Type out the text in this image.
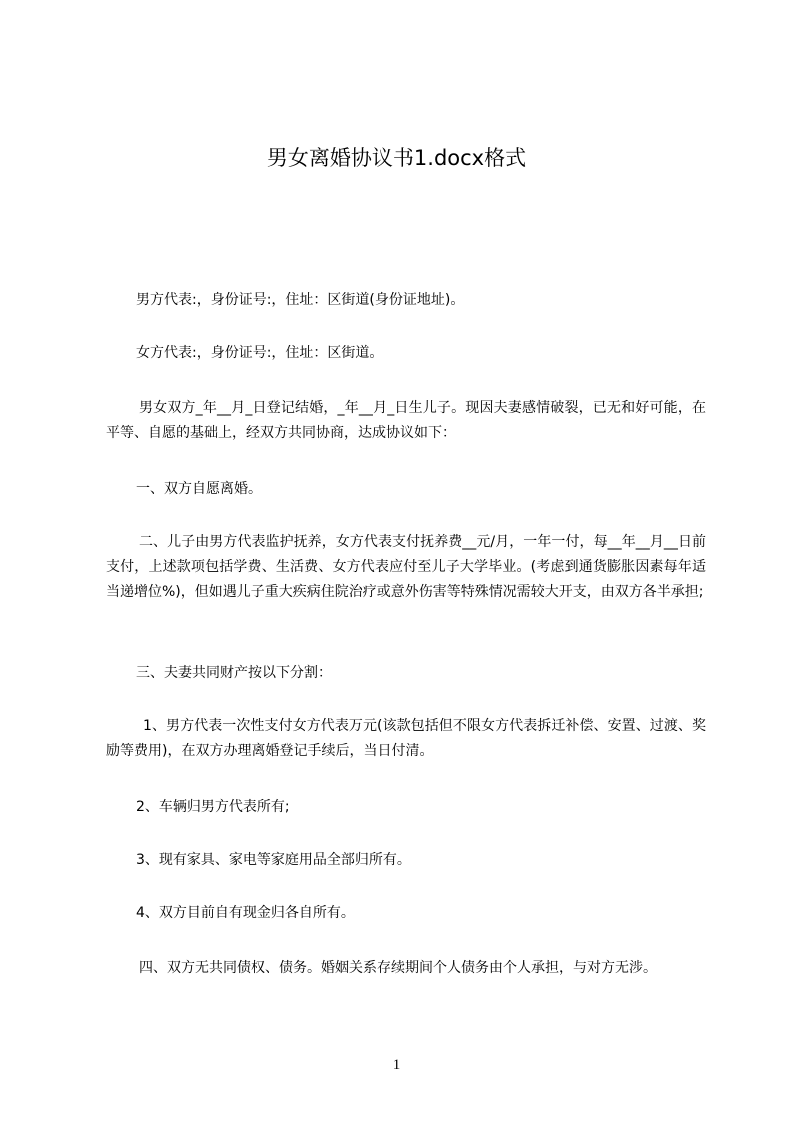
男女离婚协议书1.docx格式

男方代表:，身份证号:，住址：区街道(身份证地址)。

女方代表:，身份证号:，住址：区街道。

男女双方_年__月_日登记结婚，_年__月_日生儿子。现因夫妻感情破裂，已无和好可能，在平等、自愿的基础上，经双方共同协商，达成协议如下：

一、双方自愿离婚。

二、儿子由男方代表监护抚养，女方代表支付抚养费__元/月，一年一付，每__年__月__日前支付，上述款项包括学费、生活费、女方代表应付至儿子大学毕业。(考虑到通货膨胀因素每年适当递增位%)，但如遇儿子重大疾病住院治疗或意外伤害等特殊情况需较大开支，由双方各半承担;

三、夫妻共同财产按以下分割：

1、男方代表一次性支付女方代表万元(该款包括但不限女方代表拆迁补偿、安置、过渡、奖励等费用)，在双方办理离婚登记手续后，当日付清。

2、车辆归男方代表所有;

3、现有家具、家电等家庭用品全部归所有。

4、双方目前自有现金归各自所有。

四、双方无共同债权、债务。婚姻关系存续期间个人债务由个人承担，与对方无涉。

1
